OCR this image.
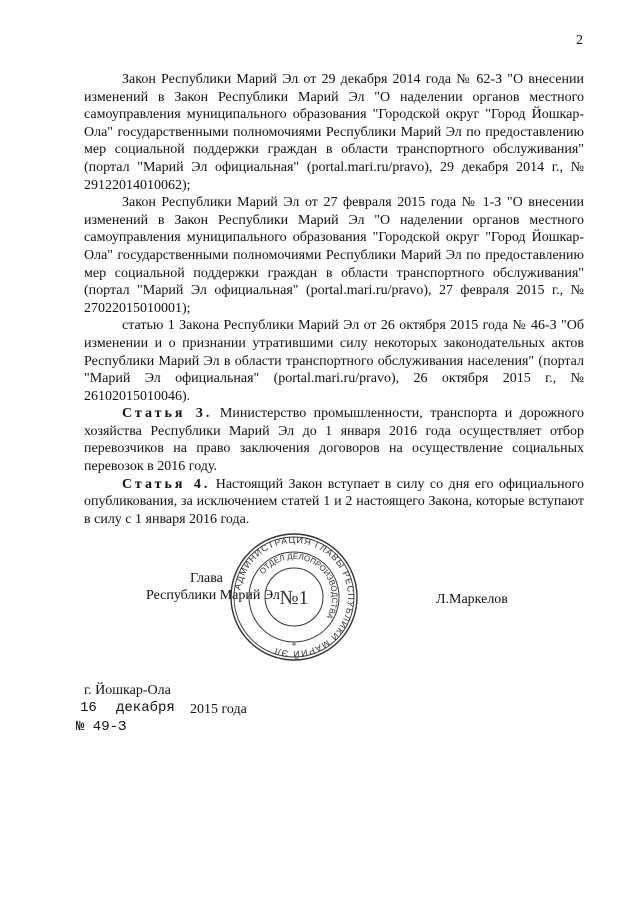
2

Закон Республики Марий Эл от 29 декабря 2014 года № 62-З "О внесении изменений в Закон Республики Марий Эл "О наделении органов местного самоуправления муниципального образования "Городской округ "Город Йошкар-Ола" государственными полномочиями Республики Марий Эл по предоставлению мер социальной поддержки граждан в области транспортного обслуживания" (портал "Марий Эл официальная" (portal.mari.ru/pravo), 29 декабря 2014 г., № 29122014010062);

Закон Республики Марий Эл от 27 февраля 2015 года № 1-З "О внесении изменений в Закон Республики Марий Эл "О наделении органов местного самоуправления муниципального образования "Городской округ "Город Йошкар-Ола" государственными полномочиями Республики Марий Эл по предоставлению мер социальной поддержки граждан в области транспортного обслуживания" (портал "Марий Эл официальная" (portal.mari.ru/pravo), 27 февраля 2015 г., № 27022015010001);

статью 1 Закона Республики Марий Эл от 26 октября 2015 года № 46-З "Об изменении и о признании утратившими силу некоторых законодательных актов Республики Марий Эл в области транспортного обслуживания населения" (портал "Марий Эл официальная" (portal.mari.ru/pravo), 26 октября 2015 г., № 26102015010046).

Статья 3. Министерство промышленности, транспорта и дорожного хозяйства Республики Марий Эл до 1 января 2016 года осуществляет отбор перевозчиков на право заключения договоров на осуществление социальных перевозок в 2016 году.

Статья 4. Настоящий Закон вступает в силу со дня его официального опубликования, за исключением статей 1 и 2 настоящего Закона, которые вступают в силу с 1 января 2016 года.

Глава
Республики Марий Эл	Л.Маркелов
АДМИНИСТРАЦИЯ ГЛАВЫ РЕСПУБЛИКИ МАРИЙ ЭЛ
ОТДЕЛ ДЕЛОПРОИЗВОДСТВА
№1
*
г. Йошкар-Ола
16 декабря 2015 года
№ 49-З
